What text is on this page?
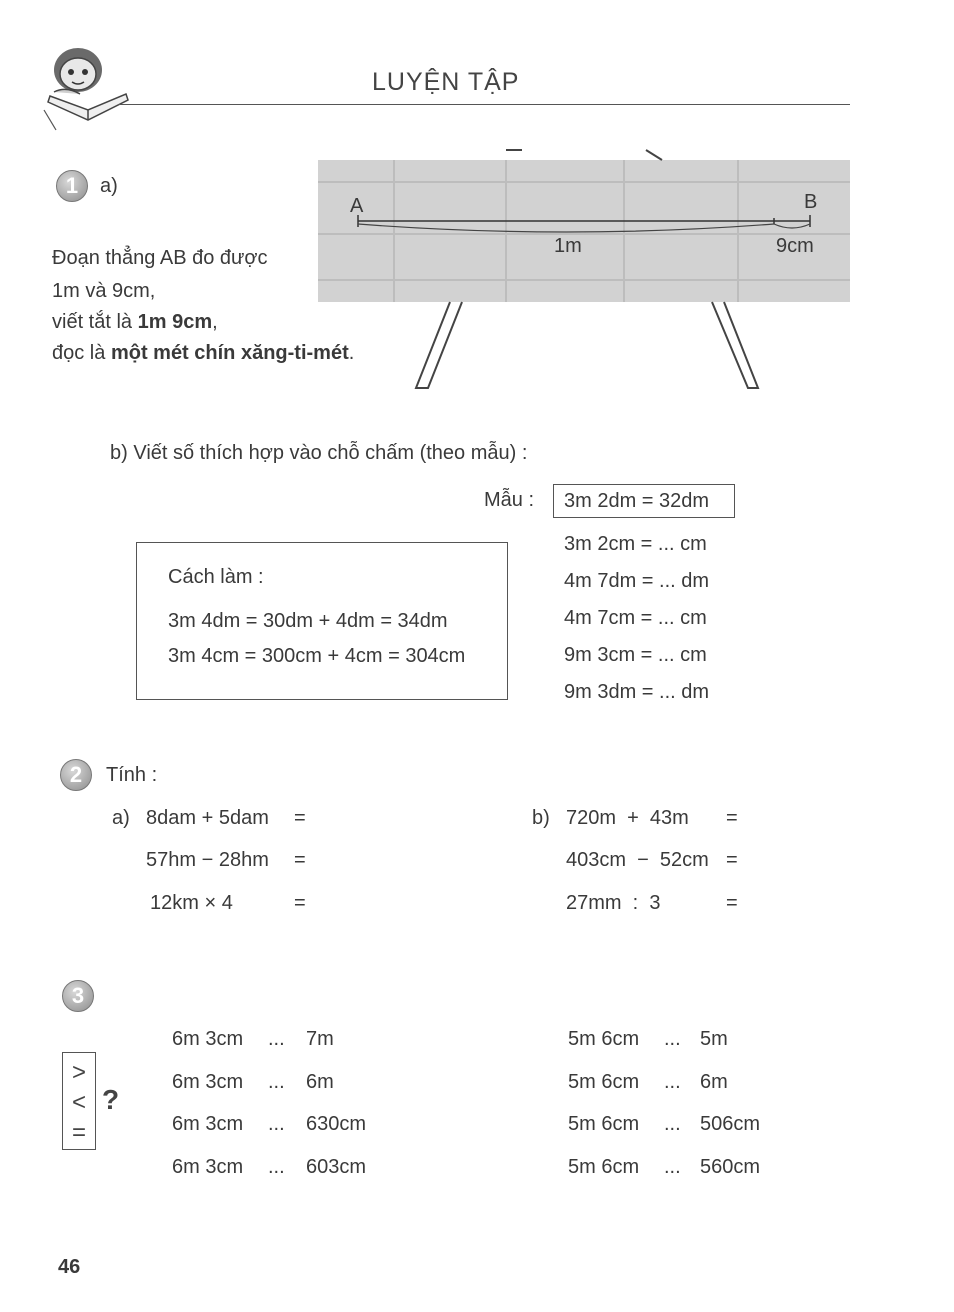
LUYỆN TẬP
1	a)
Đoạn thẳng AB đo được
1m và 9cm,
viết tắt là 1m 9cm,
đọc là một mét chín xăng-ti-mét.
A	B
1m	9cm
b) Viết số thích hợp vào chỗ chấm (theo mẫu) :
Mẫu : 3m 2dm = 32dm
Cách làm :
3m 4dm = 30dm + 4dm = 34dm
3m 4cm = 300cm + 4cm = 304cm
3m 2cm = ... cm
4m 7dm = ... dm
4m 7cm = ... cm
9m 3cm = ... cm
9m 3dm = ... dm
2	Tính :
a) 8dam + 5dam =
57hm − 28hm =
12km × 4	=
b) 720m  +  43m =
403cm  −  52cm =
27mm  :  3	=
3
>
<
=
?
6m 3cm ... 7m
6m 3cm ... 6m
6m 3cm ... 630cm
6m 3cm ... 603cm
5m 6cm ... 5m
5m 6cm ... 6m
5m 6cm ... 506cm
5m 6cm ... 560cm
46
